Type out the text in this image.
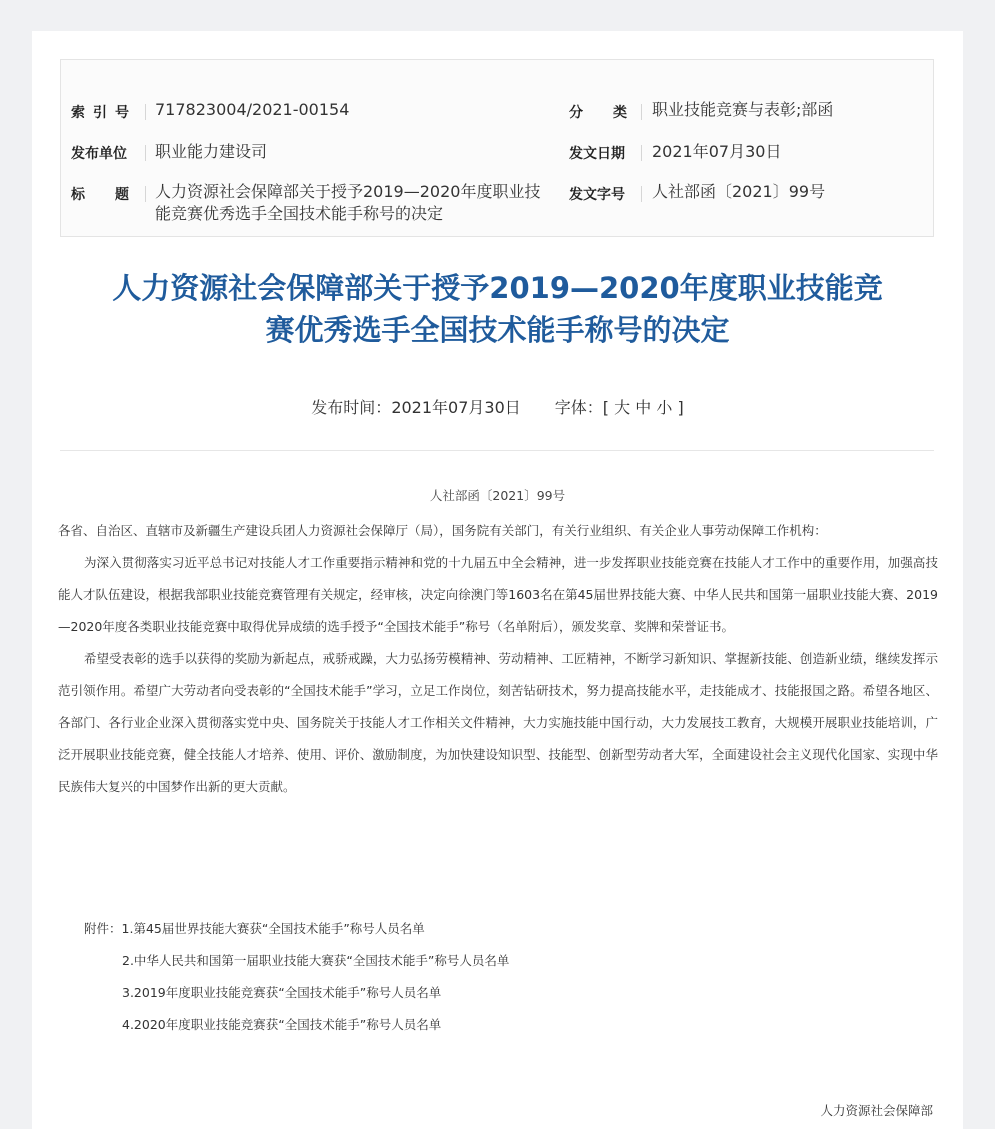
索 引 号 717823004/2021-00154	分 类 职业技能竞赛与表彰;部函
发布单位 职业能力建设司	发文日期 2021年07月30日
标 题 人力资源社会保障部关于授予2019—2020年度职业技能竞赛优秀选手全国技术能手称号的决定
发文字号 人社部函〔2021〕99号
人力资源社会保障部关于授予2019—2020年度职业技能竞
赛优秀选手全国技术能手称号的决定
发布时间：2021年07月30日 字体：[ 大 中 小 ]
人社部函〔2021〕99号

各省、自治区、直辖市及新疆生产建设兵团人力资源社会保障厅（局），国务院有关部门，有关行业组织、有关企业人事劳动保障工作机构：

为深入贯彻落实习近平总书记对技能人才工作重要指示精神和党的十九届五中全会精神，进一步发挥职业技能竞赛在技能人才工作中的重要作用，加强高技能人才队伍建设，根据我部职业技能竞赛管理有关规定，经审核，决定向徐澳门等1603名在第45届世界技能大赛、中华人民共和国第一届职业技能大赛、2019—2020年度各类职业技能竞赛中取得优异成绩的选手授予“全国技术能手”称号（名单附后），颁发奖章、奖牌和荣誉证书。

希望受表彰的选手以获得的奖励为新起点，戒骄戒躁，大力弘扬劳模精神、劳动精神、工匠精神，不断学习新知识、掌握新技能、创造新业绩，继续发挥示范引领作用。希望广大劳动者向受表彰的“全国技术能手”学习，立足工作岗位，刻苦钻研技术，努力提高技能水平，走技能成才、技能报国之路。希望各地区、各部门、各行业企业深入贯彻落实党中央、国务院关于技能人才工作相关文件精神，大力实施技能中国行动，大力发展技工教育，大规模开展职业技能培训，广泛开展职业技能竞赛，健全技能人才培养、使用、评价、激励制度，为加快建设知识型、技能型、创新型劳动者大军，全面建设社会主义现代化国家、实现中华民族伟大复兴的中国梦作出新的更大贡献。

附件：1.第45届世界技能大赛获“全国技术能手”称号人员名单
2.中华人民共和国第一届职业技能大赛获“全国技术能手”称号人员名单
3.2019年度职业技能竞赛获“全国技术能手”称号人员名单
4.2020年度职业技能竞赛获“全国技术能手”称号人员名单
人力资源社会保障部
